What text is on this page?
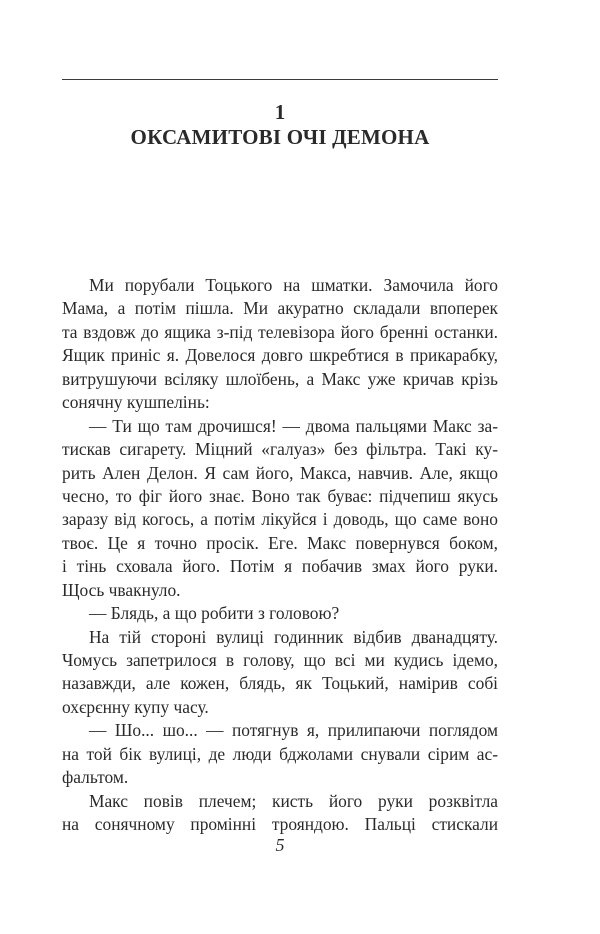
1
ОКСАМИТОВІ ОЧІ ДЕМОНА
Ми порубали Тоцького на шматки. Замочила його
Мама, а потім пішла. Ми акуратно складали впоперек
та вздовж до ящика з-під телевізора його бренні останки.
Ящик приніс я. Довелося довго шкребтися в прикарабку,
витрушуючи всіляку шлоїбень, а Макс уже кричав крізь
сонячну кушпелінь:
— Ти що там дрочишся! — двома пальцями Макс за-
тискав сигарету. Міцний «галуаз» без фільтра. Такі ку-
рить Ален Делон. Я сам його, Макса, навчив. Але, якщо
чесно, то фіг його знає. Воно так буває: підчепиш якусь
заразу від когось, а потім лікуйся і доводь, що саме воно
твоє. Це я точно просік. Еге. Макс повернувся боком,
і тінь сховала його. Потім я побачив змах його руки.
Щось чвакнуло.
— Блядь, а що робити з головою?
На тій стороні вулиці годинник відбив дванадцяту.
Чомусь запетрилося в голову, що всі ми кудись ідемо,
назавжди, але кожен, блядь, як Тоцький, намірив собі
охєрєнну купу часу.
— Шо... шо... — потягнув я, прилипаючи поглядом
на той бік вулиці, де люди бджолами снували сірим ас-
фальтом.
Макс повів плечем; кисть його руки розквітла
на сонячному промінні трояндою. Пальці стискали
5
